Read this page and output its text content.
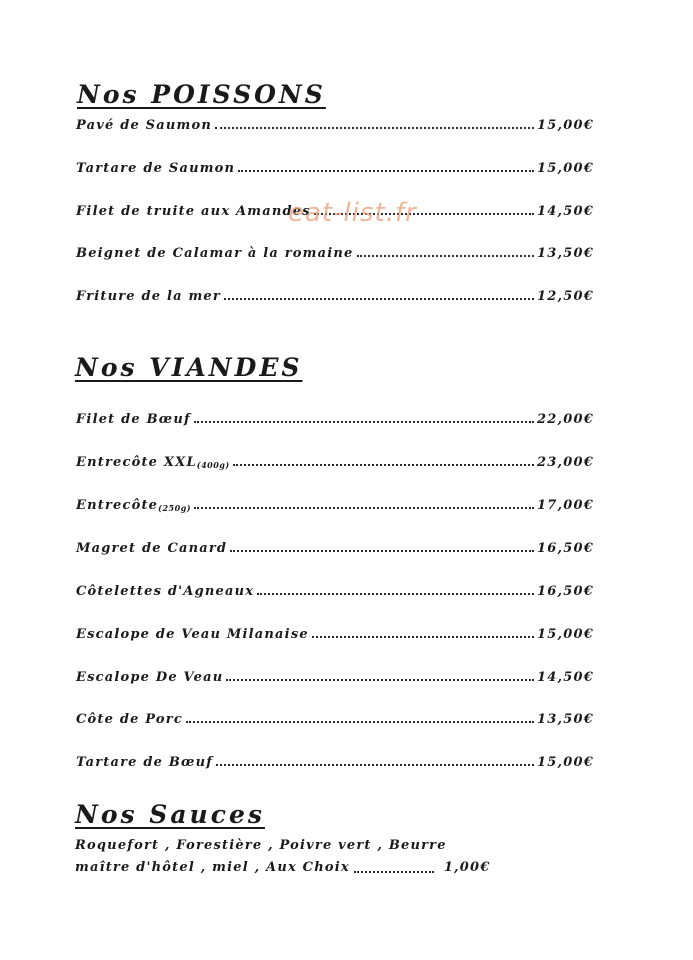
Nos POISSONS
Pavé de Saumon	15,00€
Tartare de Saumon	15,00€
Filet de truite aux Amandes	14,50€
Beignet de Calamar à la romaine	13,50€
Friture de la mer	12,50€
eat-list.fr
Nos VIANDES
Filet de Bœuf	22,00€
Entrecôte XXL (400g)	23,00€
Entrecôte (250g)	17,00€
Magret de Canard	16,50€
Côtelettes d'Agneaux	16,50€
Escalope de Veau Milanaise	15,00€
Escalope De Veau	14,50€
Côte de Porc	13,50€
Tartare de Bœuf	15,00€
Nos Sauces
Roquefort , Forestière , Poivre vert , Beurre
maître d'hôtel , miel , Aux Choix	1,00€
